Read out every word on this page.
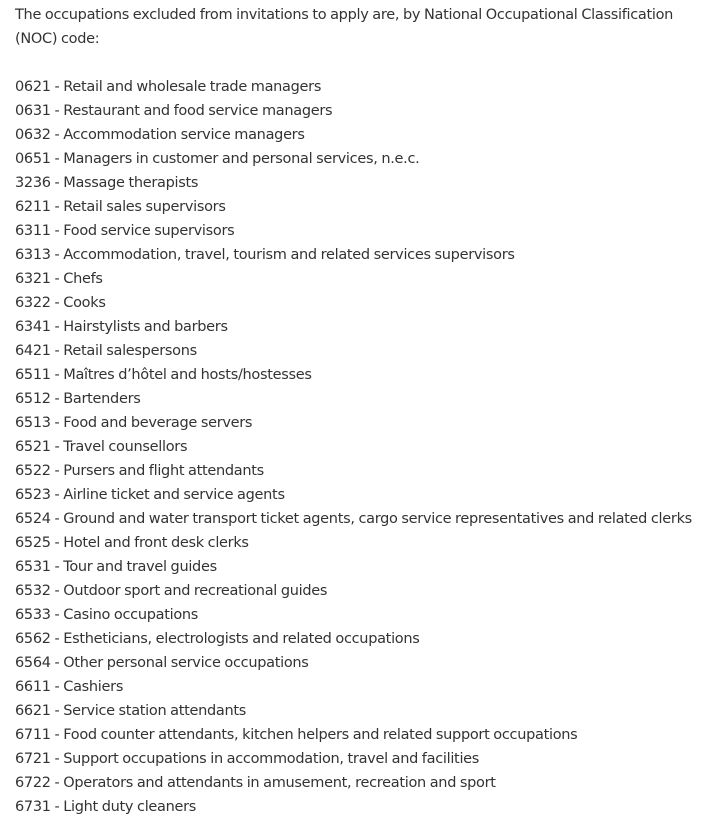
The occupations excluded from invitations to apply are, by National Occupational Classification (NOC) code:

0621 - Retail and wholesale trade managers
0631 - Restaurant and food service managers
0632 - Accommodation service managers
0651 - Managers in customer and personal services, n.e.c.
3236 - Massage therapists
6211 - Retail sales supervisors
6311 - Food service supervisors
6313 - Accommodation, travel, tourism and related services supervisors
6321 - Chefs
6322 - Cooks
6341 - Hairstylists and barbers
6421 - Retail salespersons
6511 - Maîtres d’hôtel and hosts/hostesses
6512 - Bartenders
6513 - Food and beverage servers
6521 - Travel counsellors
6522 - Pursers and flight attendants
6523 - Airline ticket and service agents
6524 - Ground and water transport ticket agents, cargo service representatives and related clerks
6525 - Hotel and front desk clerks
6531 - Tour and travel guides
6532 - Outdoor sport and recreational guides
6533 - Casino occupations
6562 - Estheticians, electrologists and related occupations
6564 - Other personal service occupations
6611 - Cashiers
6621 - Service station attendants
6711 - Food counter attendants, kitchen helpers and related support occupations
6721 - Support occupations in accommodation, travel and facilities
6722 - Operators and attendants in amusement, recreation and sport
6731 - Light duty cleaners
